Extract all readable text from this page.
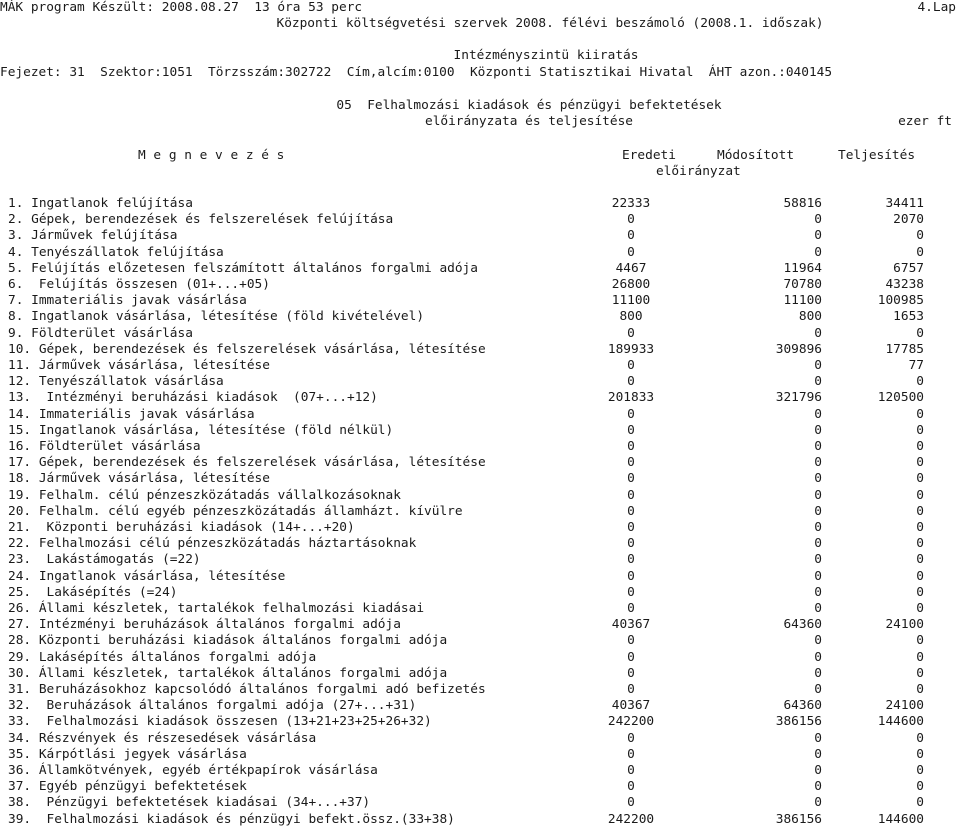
MÁK program Készült: 2008.08.27  13 óra 53 perc	4.Lap
Központi költségvetési szervek 2008. félévi beszámoló (2008.1. időszak)
Intézményszintü kiiratás
Fejezet: 31  Szektor:1051  Törzsszám:302722  Cím,alcím:0100  Központi Statisztikai Hivatal  ÁHT azon.:040145
05  Felhalmozási kiadások és pénzügyi befektetések
előirányzata és teljesítése	ezer ft
M e g n e v e z é s	Eredeti	Módosított	Teljesítés
előirányzat
1. Ingatlanok felújítása	22333	58816	34411
2. Gépek, berendezések és felszerelések felújítása	0	0	2070
3. Járművek felújítása	0	0	0
4. Tenyészállatok felújítása	0	0	0
5. Felújítás előzetesen felszámított általános forgalmi adója	4467	11964	6757
6.  Felújítás összesen (01+...+05)	26800	70780	43238
7. Immateriális javak vásárlása	11100	11100	100985
8. Ingatlanok vásárlása, létesítése (föld kivételével)	800	800	1653
9. Földterület vásárlása	0	0	0
10. Gépek, berendezések és felszerelések vásárlása, létesítése	189933	309896	17785
11. Járművek vásárlása, létesítése	0	0	77
12. Tenyészállatok vásárlása	0	0	0
13.  Intézményi beruházási kiadások  (07+...+12)	201833	321796	120500
14. Immateriális javak vásárlása	0	0	0
15. Ingatlanok vásárlása, létesítése (föld nélkül)	0	0	0
16. Földterület vásárlása	0	0	0
17. Gépek, berendezések és felszerelések vásárlása, létesítése	0	0	0
18. Járművek vásárlása, létesítése	0	0	0
19. Felhalm. célú pénzeszközátadás vállalkozásoknak	0	0	0
20. Felhalm. célú egyéb pénzeszközátadás államházt. kívülre	0	0	0
21.  Központi beruházási kiadások (14+...+20)	0	0	0
22. Felhalmozási célú pénzeszközátadás háztartásoknak	0	0	0
23.  Lakástámogatás (=22)	0	0	0
24. Ingatlanok vásárlása, létesítése	0	0	0
25.  Lakásépítés (=24)	0	0	0
26. Állami készletek, tartalékok felhalmozási kiadásai	0	0	0
27. Intézményi beruházások általános forgalmi adója	40367	64360	24100
28. Központi beruházási kiadások általános forgalmi adója	0	0	0
29. Lakásépítés általános forgalmi adója	0	0	0
30. Állami készletek, tartalékok általános forgalmi adója	0	0	0
31. Beruházásokhoz kapcsolódó általános forgalmi adó befizetés	0	0	0
32.  Beruházások általános forgalmi adója (27+...+31)	40367	64360	24100
33.  Felhalmozási kiadások összesen (13+21+23+25+26+32)	242200	386156	144600
34. Részvények és részesedések vásárlása	0	0	0
35. Kárpótlási jegyek vásárlása	0	0	0
36. Államkötvények, egyéb értékpapírok vásárlása	0	0	0
37. Egyéb pénzügyi befektetések	0	0	0
38.  Pénzügyi befektetések kiadásai (34+...+37)	0	0	0
39.  Felhalmozási kiadások és pénzügyi befekt.össz.(33+38)	242200	386156	144600
